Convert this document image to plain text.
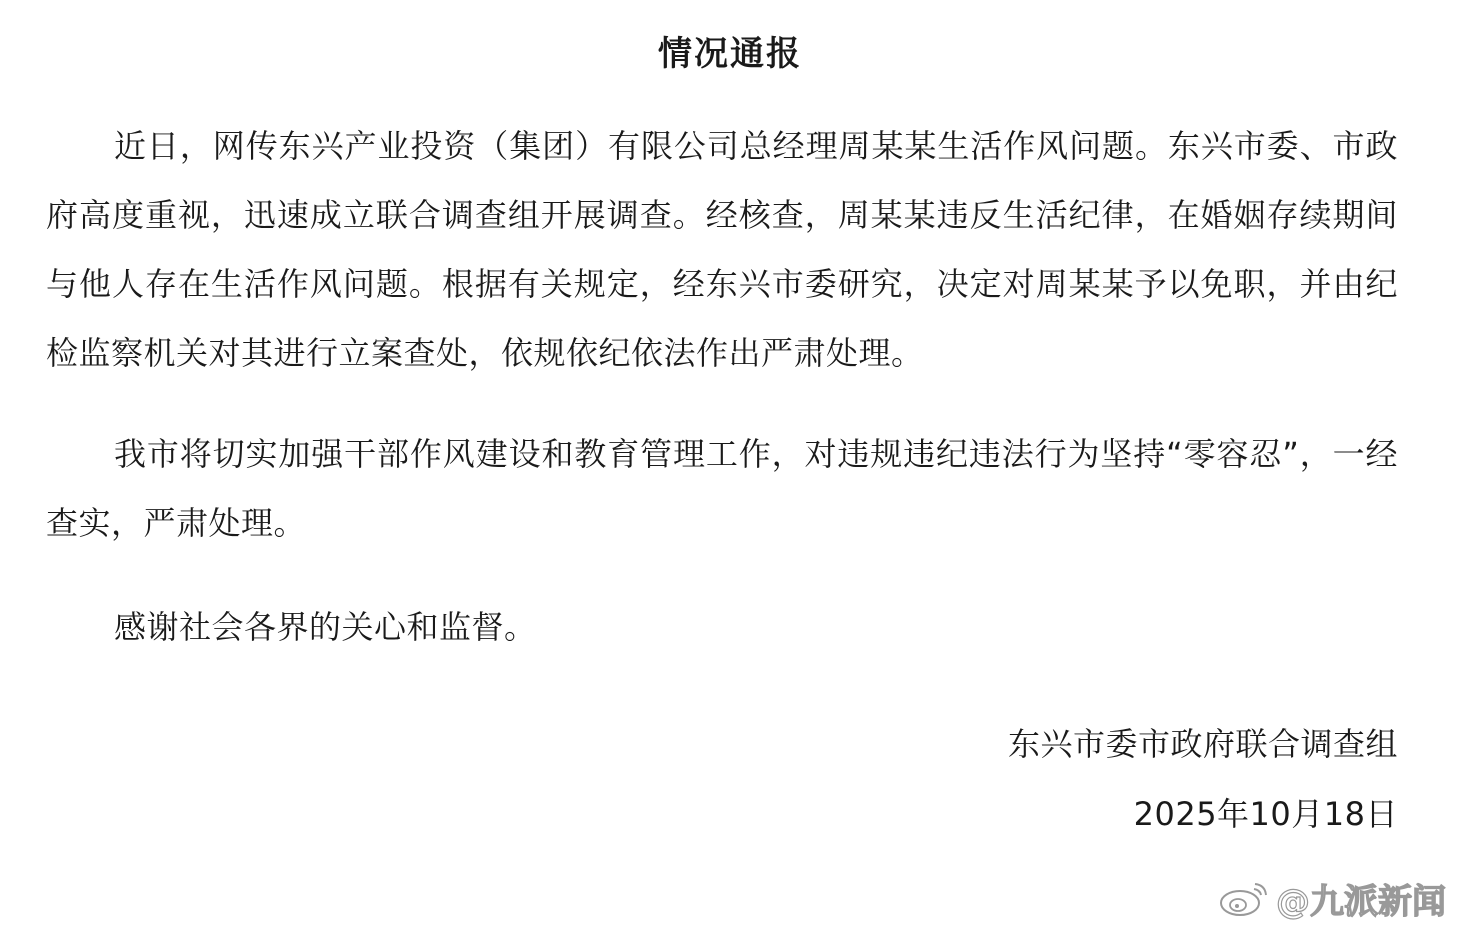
情况通报

近日，网传东兴产业投资（集团）有限公司总经理周某某生活作风问题。东兴市委、市政府高度重视，迅速成立联合调查组开展调查。经核查，周某某违反生活纪律，在婚姻存续期间与他人存在生活作风问题。根据有关规定，经东兴市委研究，决定对周某某予以免职，并由纪检监察机关对其进行立案查处，依规依纪依法作出严肃处理。

我市将切实加强干部作风建设和教育管理工作，对违规违纪违法行为坚持“零容忍”，一经查实，严肃处理。

感谢社会各界的关心和监督。

东兴市委市政府联合调查组
2025年10月18日
@九派新闻
